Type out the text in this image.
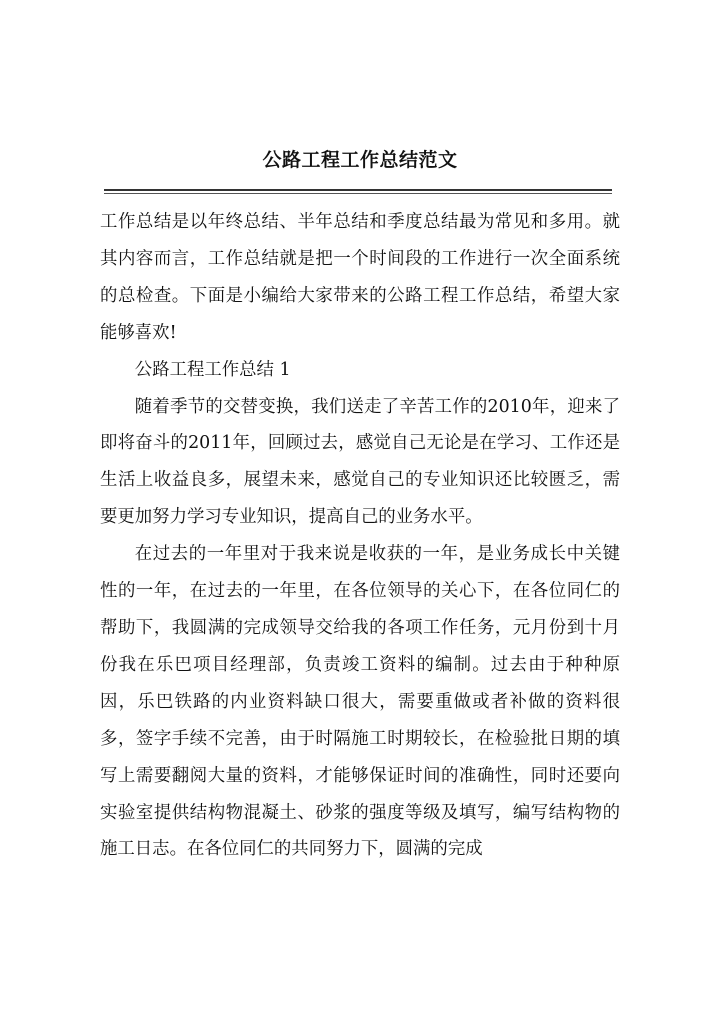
公路工程工作总结范文

工作总结是以年终总结、半年总结和季度总结最为常见和多用。就其内容而言，工作总结就是把一个时间段的工作进行一次全面系统的总检查。下面是小编给大家带来的公路工程工作总结，希望大家能够喜欢!

公路工程工作总结 1

随着季节的交替变换，我们送走了辛苦工作的2010年，迎来了即将奋斗的2011年，回顾过去，感觉自己无论是在学习、工作还是生活上收益良多，展望未来，感觉自己的专业知识还比较匮乏，需要更加努力学习专业知识，提高自己的业务水平。

在过去的一年里对于我来说是收获的一年，是业务成长中关键性的一年，在过去的一年里，在各位领导的关心下，在各位同仁的帮助下，我圆满的完成领导交给我的各项工作任务，元月份到十月份我在乐巴项目经理部，负责竣工资料的编制。过去由于种种原因，乐巴铁路的内业资料缺口很大，需要重做或者补做的资料很多，签字手续不完善，由于时隔施工时期较长，在检验批日期的填写上需要翻阅大量的资料，才能够保证时间的准确性，同时还要向实验室提供结构物混凝土、砂浆的强度等级及填写，编写结构物的施工日志。在各位同仁的共同努力下，圆满的完成
